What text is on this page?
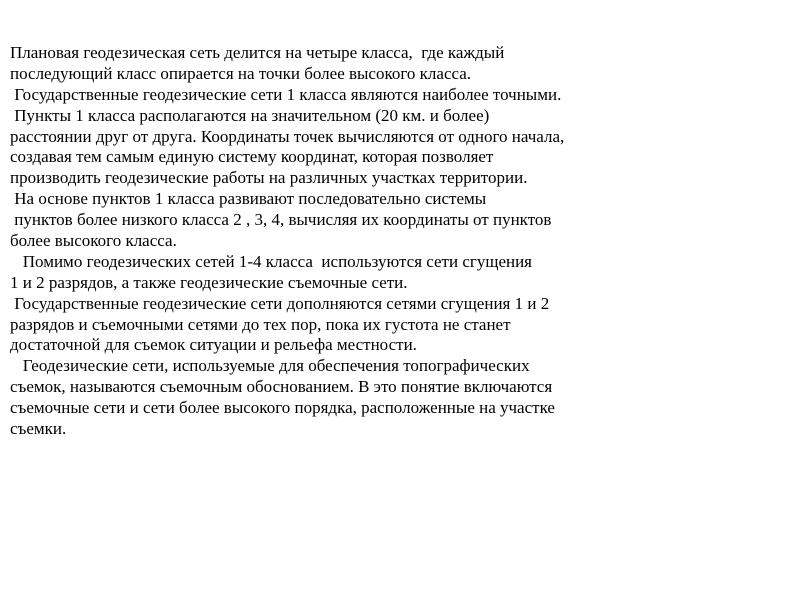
Плановая геодезическая сеть делится на четыре класса,  где каждый
последующий класс опирается на точки более высокого класса.
Государственные геодезические сети 1 класса являются наиболее точными.
Пункты 1 класса располагаются на значительном (20 км. и более)
расстоянии друг от друга. Координаты точек вычисляются от одного начала,
создавая тем самым единую систему координат, которая позволяет
производить геодезические работы на различных участках территории.
На основе пунктов 1 класса развивают последовательно системы
пунктов более низкого класса 2 , 3, 4, вычисляя их координаты от пунктов
более высокого класса.
Помимо геодезических сетей 1-4 класса  используются сети сгущения
1 и 2 разрядов, а также геодезические съемочные сети.
Государственные геодезические сети дополняются сетями сгущения 1 и 2
разрядов и съемочными сетями до тех пор, пока их густота не станет
достаточной для съемок ситуации и рельефа местности.
Геодезические сети, используемые для обеспечения топографических
съемок, называются съемочным обоснованием. В это понятие включаются
съемочные сети и сети более высокого порядка, расположенные на участке
съемки.
